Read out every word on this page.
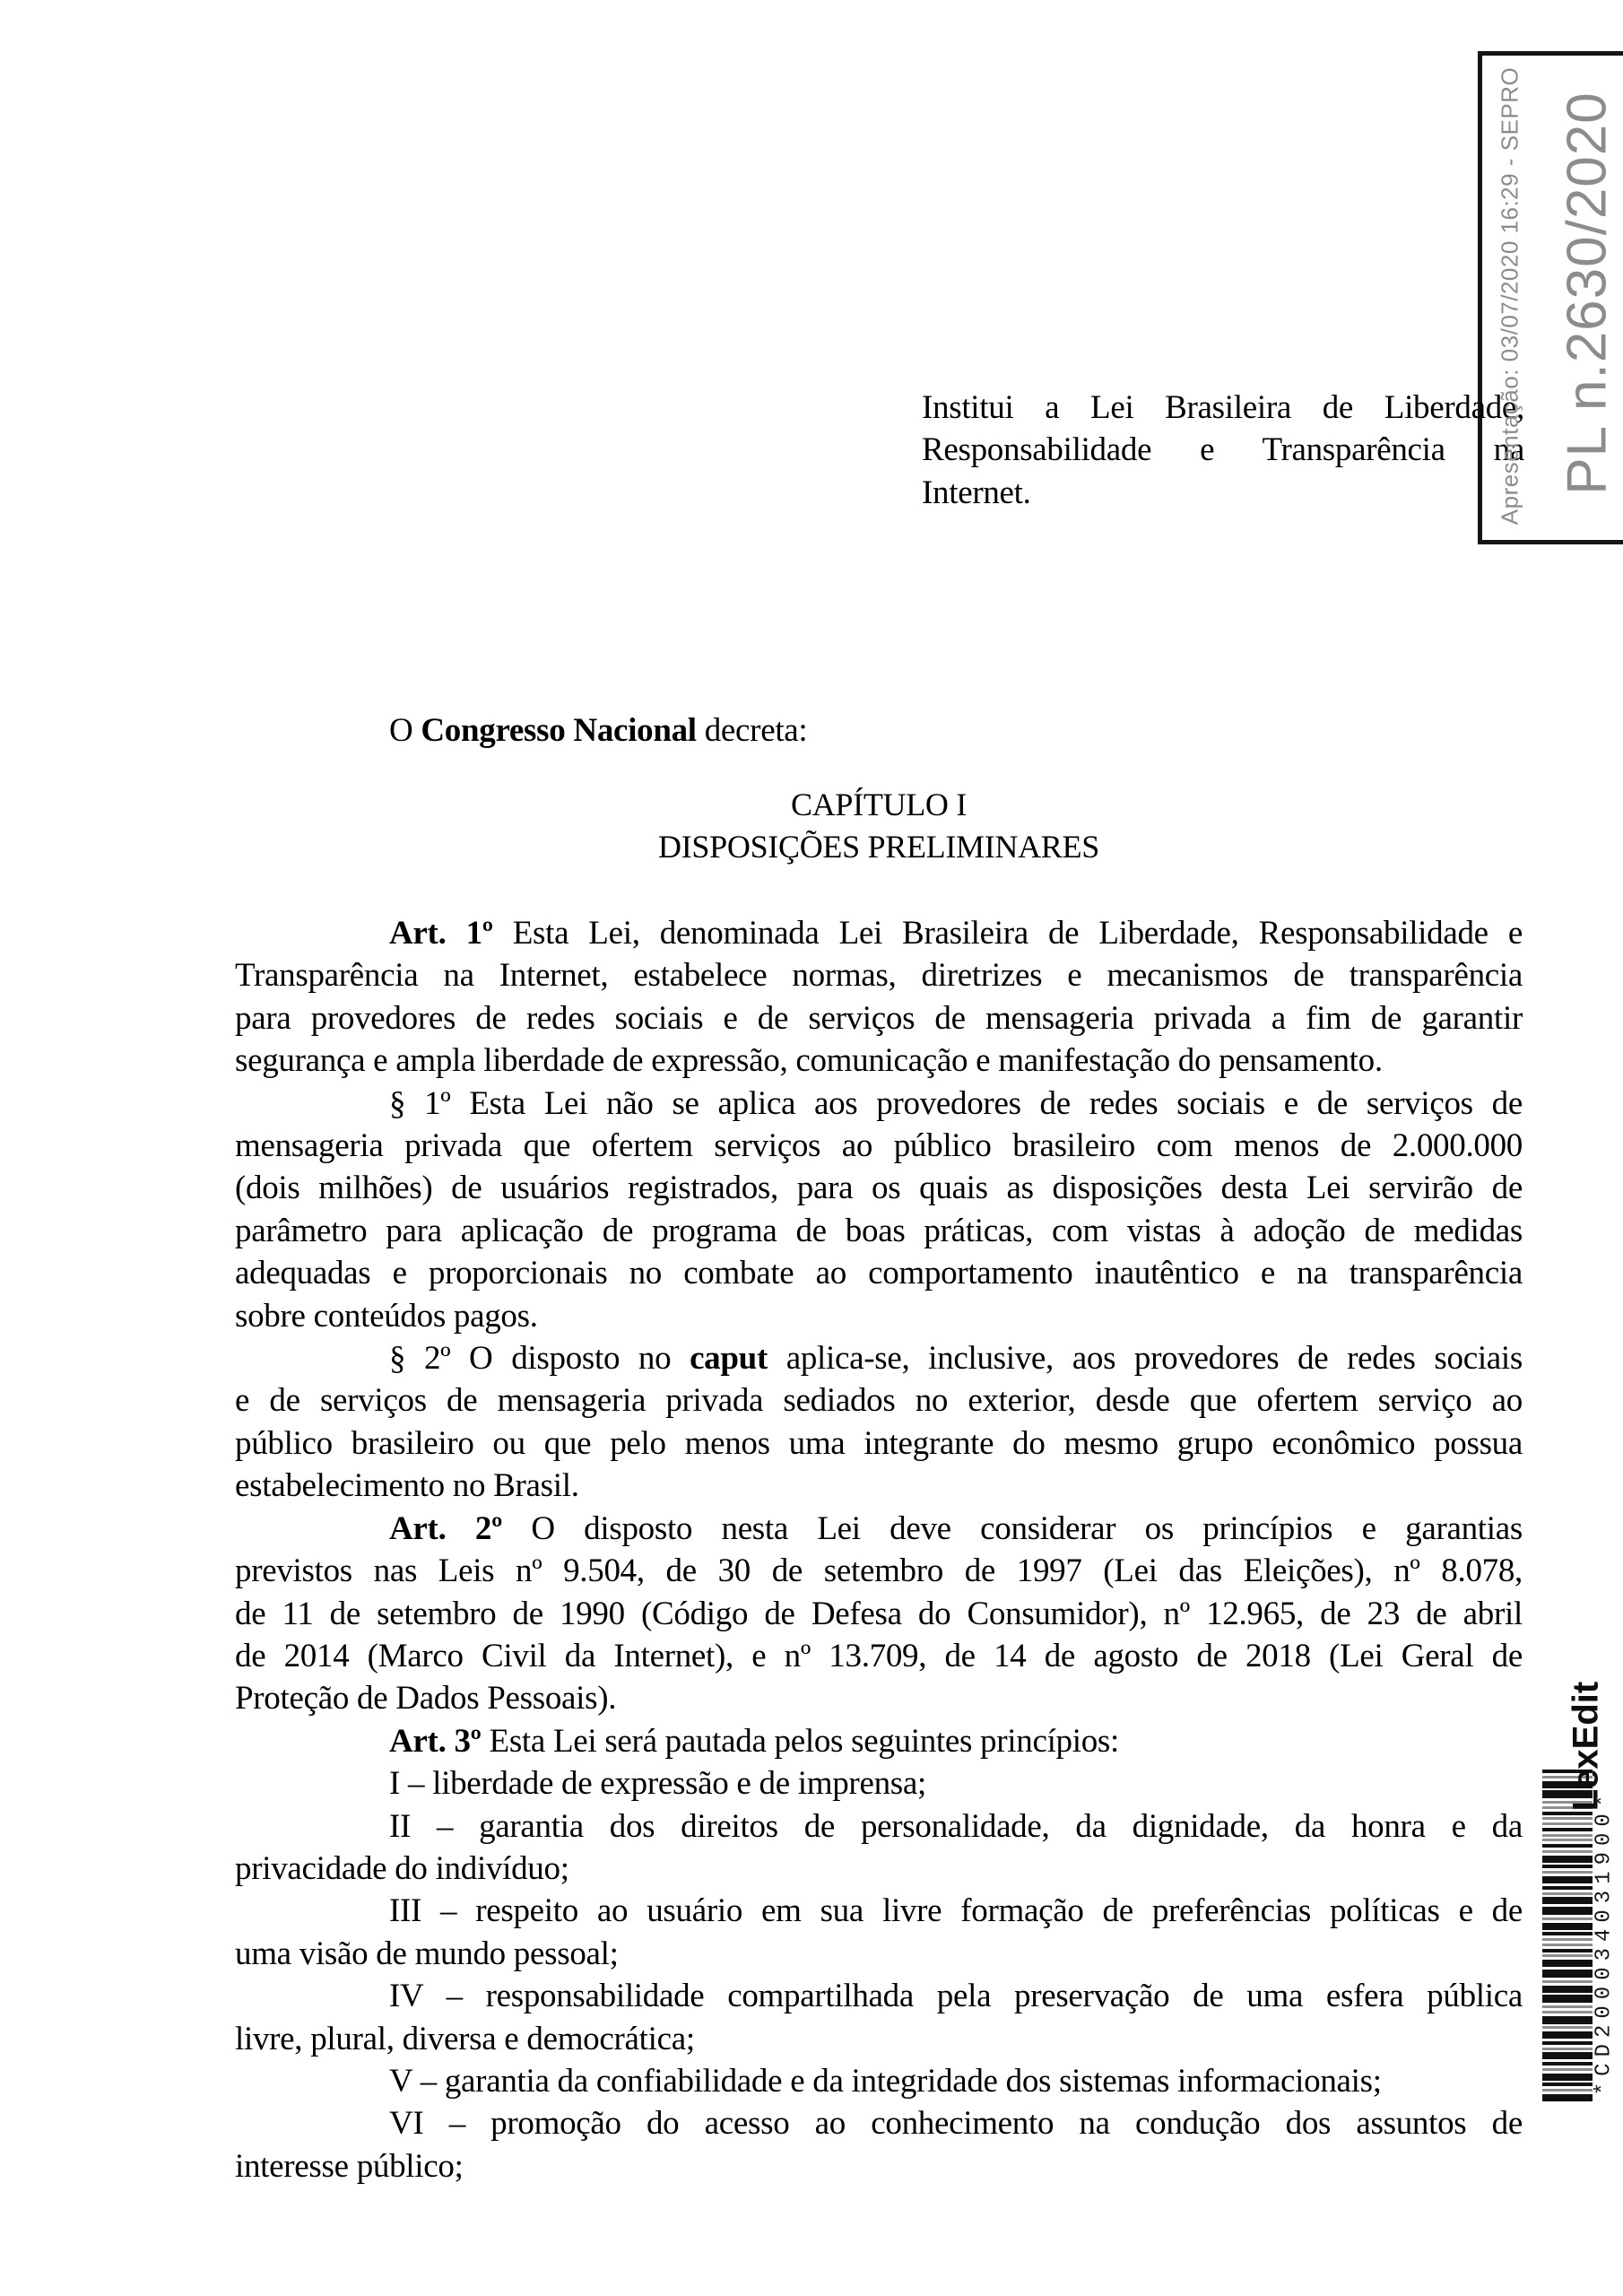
Apresentação: 03/07/2020 16:29 - SEPRO PL n.2630/2020
Institui a Lei Brasileira de Liberdade,
Responsabilidade e Transparência na
Internet.
O Congresso Nacional decreta:
CAPÍTULO I
DISPOSIÇÕES PRELIMINARES
Art. 1º Esta Lei, denominada Lei Brasileira de Liberdade, Responsabilidade e
Transparência na Internet, estabelece normas, diretrizes e mecanismos de transparência
para provedores de redes sociais e de serviços de mensageria privada a fim de garantir
segurança e ampla liberdade de expressão, comunicação e manifestação do pensamento.
§ 1º Esta Lei não se aplica aos provedores de redes sociais e de serviços de
mensageria privada que ofertem serviços ao público brasileiro com menos de 2.000.000
(dois milhões) de usuários registrados, para os quais as disposições desta Lei servirão de
parâmetro para aplicação de programa de boas práticas, com vistas à adoção de medidas
adequadas e proporcionais no combate ao comportamento inautêntico e na transparência
sobre conteúdos pagos.
§ 2º O disposto no caput aplica-se, inclusive, aos provedores de redes sociais
e de serviços de mensageria privada sediados no exterior, desde que ofertem serviço ao
público brasileiro ou que pelo menos uma integrante do mesmo grupo econômico possua
estabelecimento no Brasil.
Art. 2º O disposto nesta Lei deve considerar os princípios e garantias
previstos nas Leis nº 9.504, de 30 de setembro de 1997 (Lei das Eleições), nº 8.078,
de 11 de setembro de 1990 (Código de Defesa do Consumidor), nº 12.965, de 23 de abril
de 2014 (Marco Civil da Internet), e nº 13.709, de 14 de agosto de 2018 (Lei Geral de
Proteção de Dados Pessoais).
Art. 3º Esta Lei será pautada pelos seguintes princípios:
I – liberdade de expressão e de imprensa;
II – garantia dos direitos de personalidade, da dignidade, da honra e da
privacidade do indivíduo;
III – respeito ao usuário em sua livre formação de preferências políticas e de
uma visão de mundo pessoal;
IV – responsabilidade compartilhada pela preservação de uma esfera pública
livre, plural, diversa e democrática;
V – garantia da confiabilidade e da integridade dos sistemas informacionais;
VI – promoção do acesso ao conhecimento na condução dos assuntos de
interesse público;
LexEdit
*CD200034031900*
